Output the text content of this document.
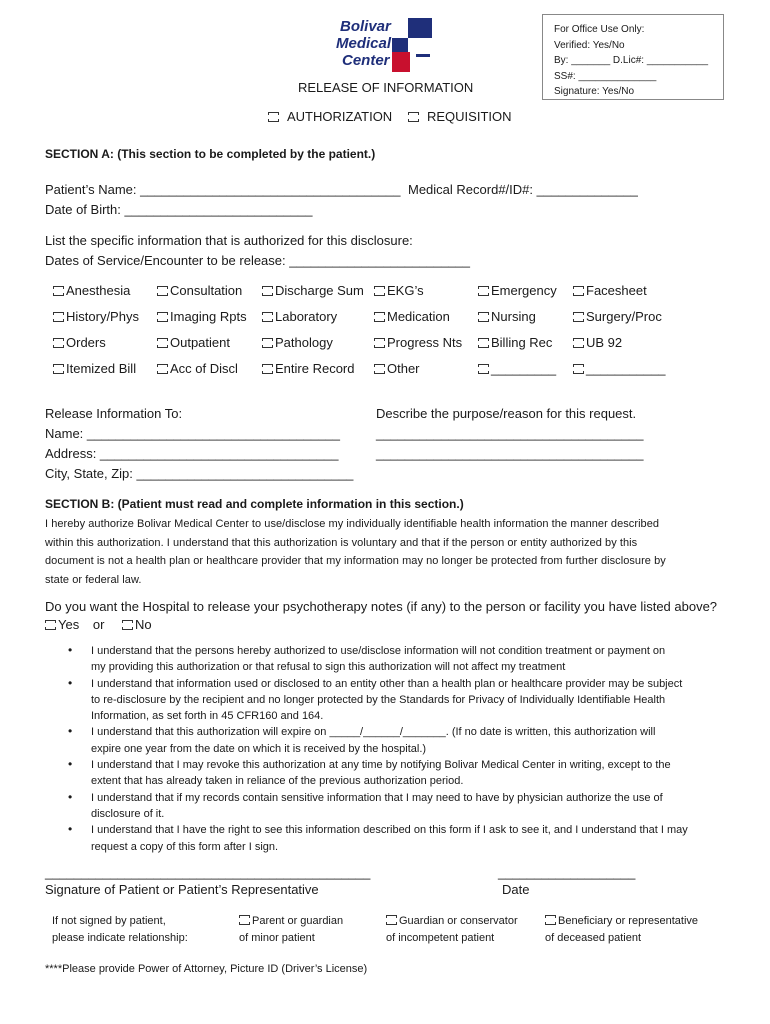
Bolivar
Medical
Center
For Office Use Only:
Verified: Yes/No
By: _______ D.Lic#: ___________
SS#: ______________
Signature: Yes/No
RELEASE OF INFORMATION
AUTHORIZATION	REQUISITION
SECTION A: (This section to be completed by the patient.)
Patient’s Name: ____________________________________ Medical Record#/ID#: ______________
Date of Birth: __________________________
List the specific information that is authorized for this disclosure:
Dates of Service/Encounter to be release: _________________________
Anesthesia	Consultation	Discharge Sum	EKG’s	Emergency	Facesheet
History/Phys	Imaging Rpts	Laboratory	Medication	Nursing	Surgery/Proc
Orders	Outpatient	Pathology	Progress Nts	Billing Rec	UB 92
Itemized Bill	Acc of Discl	Entire Record	Other	_________	___________
Release Information To:
Name: ___________________________________
Address: _________________________________
City, State, Zip: ______________________________
Describe the purpose/reason for this request.
_____________________________________
_____________________________________
SECTION B: (Patient must read and complete information in this section.)
I hereby authorize Bolivar Medical Center to use/disclose my individually identifiable health information the manner described
within this authorization. I understand that this authorization is voluntary and that if the person or entity authorized by this
document is not a health plan or healthcare provider that my information may no longer be protected from further disclosure by
state or federal law.
Do you want the Hospital to release your psychotherapy notes (if any) to the person or facility you have listed above?
Yes or No
• I understand that the persons hereby authorized to use/disclose information will not condition treatment or payment on
my providing this authorization or that refusal to sign this authorization will not affect my treatment
• I understand that information used or disclosed to an entity other than a health plan or healthcare provider may be subject
to re-disclosure by the recipient and no longer protected by the Standards for Privacy of Individually Identifiable Health
Information, as set forth in 45 CFR160 and 164.
• I understand that this authorization will expire on _____/______/_______. (If no date is written, this authorization will
expire one year from the date on which it is received by the hospital.)
• I understand that I may revoke this authorization at any time by notifying Bolivar Medical Center in writing, except to the
extent that has already taken in reliance of the previous authorization period.
• I understand that if my records contain sensitive information that I may need to have by physician authorize the use of
disclosure of it.
• I understand that I have the right to see this information described on this form if I ask to see it, and I understand that I may
request a copy of this form after I sign.
_____________________________________________
Signature of Patient or Patient’s Representative
___________________
Date
If not signed by patient,
please indicate relationship:
Parent or guardian
of minor patient
Guardian or conservator
of incompetent patient
Beneficiary or representative
of deceased patient
****Please provide Power of Attorney, Picture ID (Driver’s License)
